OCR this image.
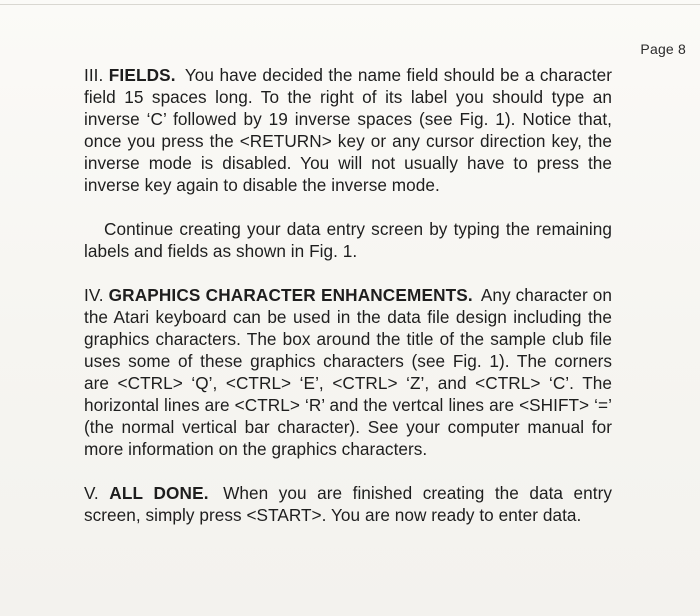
Page 8

III. FIELDS. You have decided the name field should be a character field 15 spaces long. To the right of its label you should type an inverse ‘C’ followed by 19 inverse spaces (see Fig. 1). Notice that, once you press the <RETURN> key or any cursor direction key, the inverse mode is disabled. You will not usually have to press the inverse key again to disable the inverse mode.

Continue creating your data entry screen by typing the remaining labels and fields as shown in Fig. 1.

IV. GRAPHICS CHARACTER ENHANCEMENTS. Any character on the Atari keyboard can be used in the data file design including the graphics characters. The box around the title of the sample club file uses some of these graphics characters (see Fig. 1). The corners are <CTRL> ‘Q’, <CTRL> ‘E’, <CTRL> ‘Z’, and <CTRL> ‘C’. The horizontal lines are <CTRL> ‘R’ and the vertcal lines are <SHIFT> ‘=’ (the normal vertical bar character). See your computer manual for more information on the graphics characters.

V. ALL DONE. When you are finished creating the data entry screen, simply press <START>. You are now ready to enter data.
